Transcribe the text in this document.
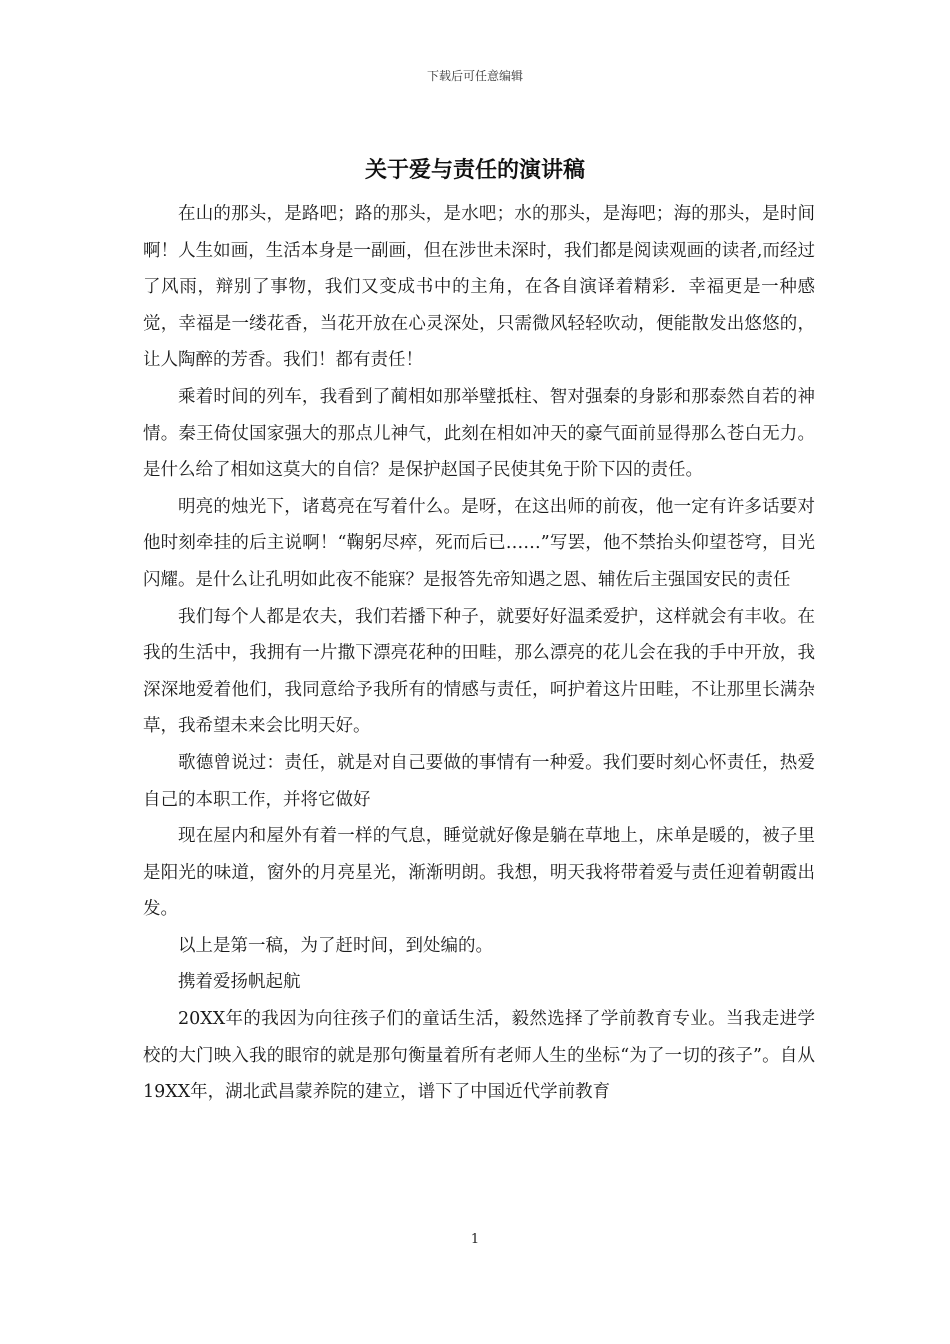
下载后可任意编辑
关于爱与责任的演讲稿

在山的那头，是路吧；路的那头，是水吧；水的那头，是海吧；海的那头，是时间啊！人生如画，生活本身是一副画，但在涉世未深时，我们都是阅读观画的读者,而经过了风雨，辩别了事物，我们又变成书中的主角，在各自演译着精彩．幸福更是一种感觉，幸福是一缕花香，当花开放在心灵深处，只需微风轻轻吹动，便能散发出悠悠的，让人陶醉的芳香。我们！都有责任！

乘着时间的列车，我看到了蔺相如那举璧抵柱、智对强秦的身影和那泰然自若的神情。秦王倚仗国家强大的那点儿神气，此刻在相如冲天的豪气面前显得那么苍白无力。是什么给了相如这莫大的自信？是保护赵国子民使其免于阶下囚的责任。

明亮的烛光下，诸葛亮在写着什么。是呀，在这出师的前夜，他一定有许多话要对他时刻牵挂的后主说啊！“鞠躬尽瘁，死而后已……”写罢，他不禁抬头仰望苍穹，目光闪耀。是什么让孔明如此夜不能寐？是报答先帝知遇之恩、辅佐后主强国安民的责任

我们每个人都是农夫，我们若播下种子，就要好好温柔爱护，这样就会有丰收。在我的生活中，我拥有一片撒下漂亮花种的田畦，那么漂亮的花儿会在我的手中开放，我深深地爱着他们，我同意给予我所有的情感与责任，呵护着这片田畦，不让那里长满杂草，我希望未来会比明天好。

歌德曾说过：责任，就是对自己要做的事情有一种爱。我们要时刻心怀责任，热爱自己的本职工作，并将它做好

现在屋内和屋外有着一样的气息，睡觉就好像是躺在草地上，床单是暖的，被子里是阳光的味道，窗外的月亮星光，渐渐明朗。我想，明天我将带着爱与责任迎着朝霞出发。

以上是第一稿，为了赶时间，到处编的。

携着爱扬帆起航

20XX年的我因为向往孩子们的童话生活，毅然选择了学前教育专业。当我走进学校的大门映入我的眼帘的就是那句衡量着所有老师人生的坐标“为了一切的孩子”。自从19XX年，湖北武昌蒙养院的建立，谱下了中国近代学前教育

1
